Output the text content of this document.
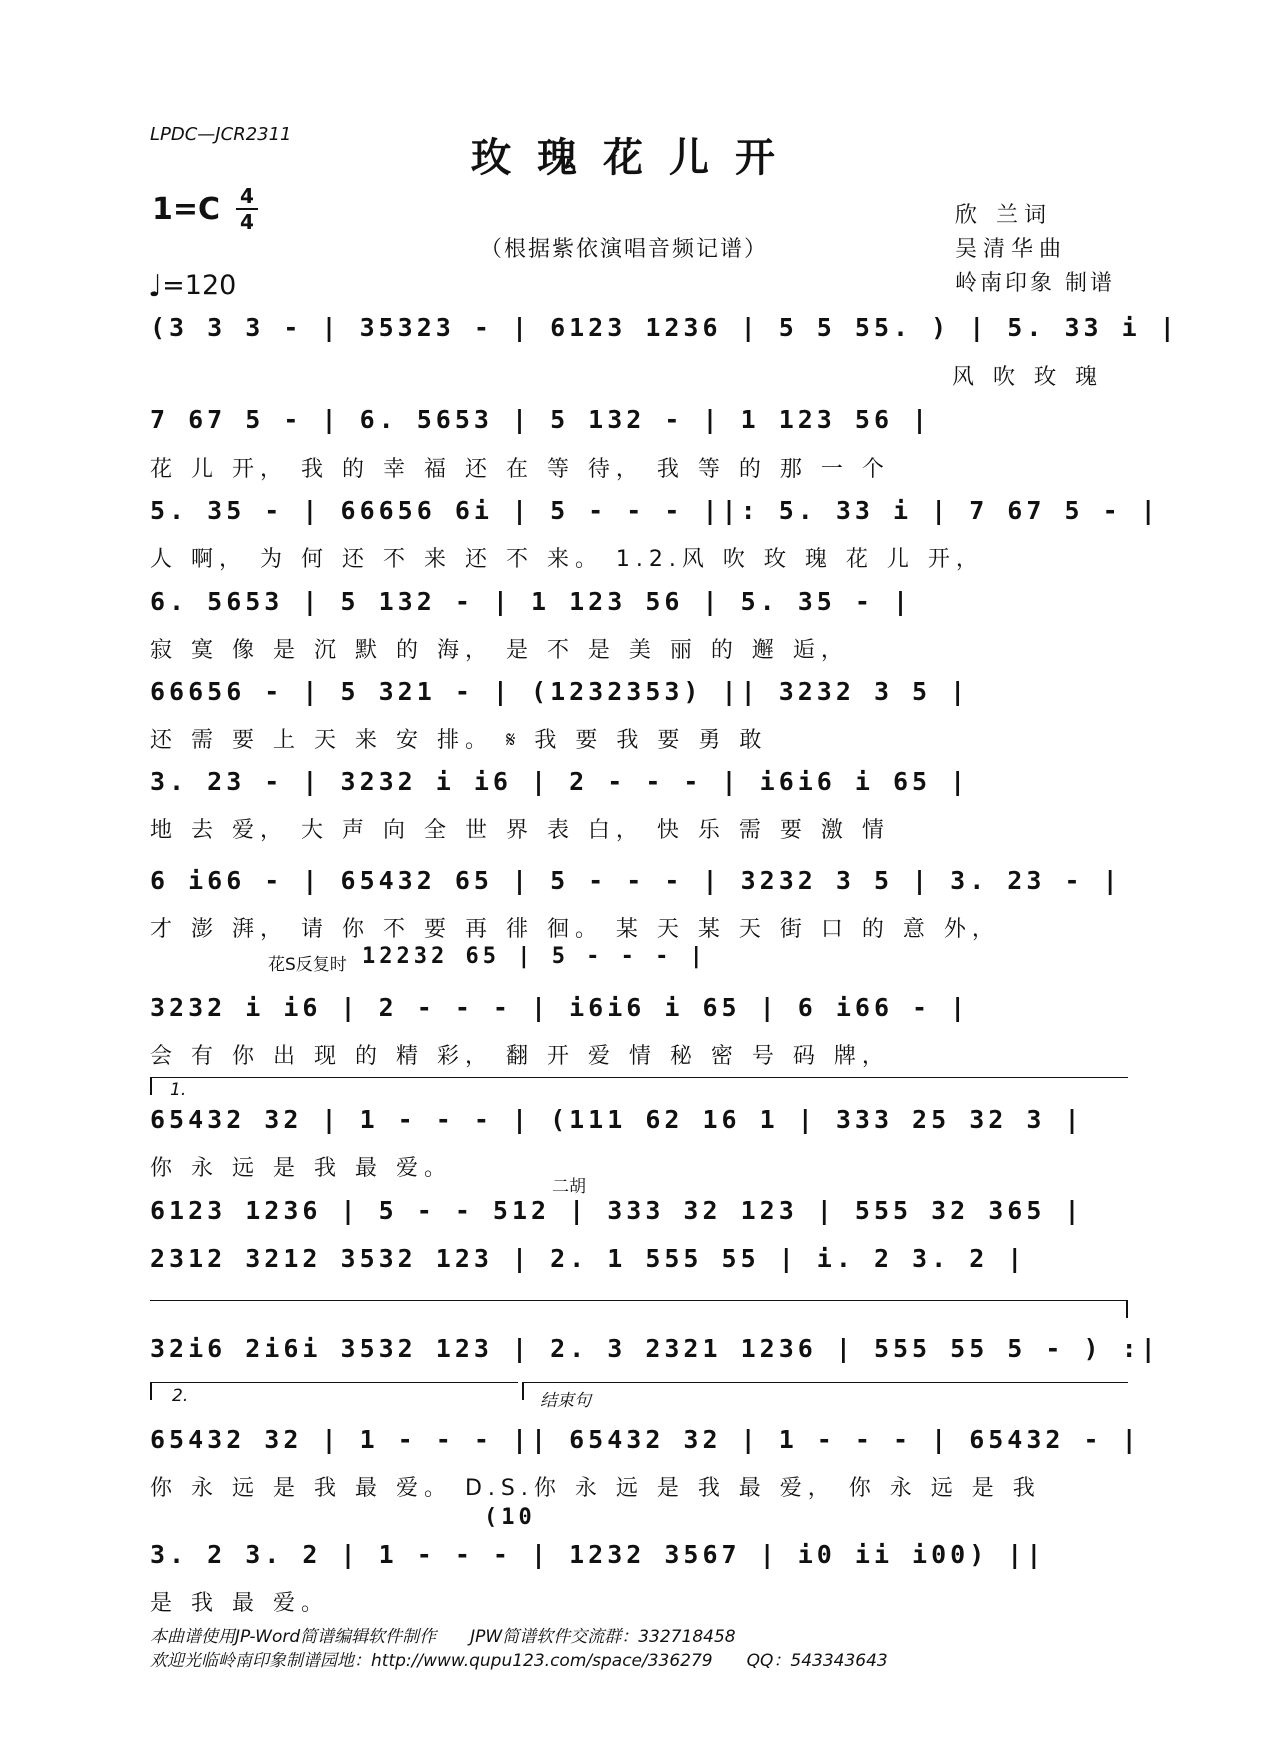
LPDC—JCR2311	玫瑰花儿开
1=C 4
4
♩=120
（根据紫依演唱音频记谱）
欣 兰词
吴清华曲
岭南印象 制谱
(3 3 3 - | 35323 - | 6123 1236 | 5 5 55. ) | 5. 33 i |
风 吹 玫 瑰
7 67 5 - | 6. 5653 | 5 132 - | 1 123 56 |
花 儿 开， 我 的 幸 福 还 在 等 待， 我 等 的 那 一 个
5. 35 - | 66656 6i | 5 - - - ||: 5. 33 i | 7 67 5 - |
人 啊， 为 何 还 不 来 还 不 来。 1.2.风 吹 玫 瑰 花 儿 开，
6. 5653 | 5 132 - | 1 123 56 | 5. 35 - |
寂 寞 像 是 沉 默 的 海， 是 不 是 美 丽 的 邂 逅，
66656 - | 5 321 - | (1232353) || 3232 3 5 |
还 需 要 上 天 来 安 排。 𝄋 我 要 我 要 勇 敢
3. 23 - | 3232 i i6 | 2 - - - | i6i6 i 65 |
地 去 爱， 大 声 向 全 世 界 表 白， 快 乐 需 要 激 情
6 i66 - | 65432 65 | 5 - - - | 3232 3 5 | 3. 23 - |
才 澎 湃， 请 你 不 要 再 徘 徊。 某 天 某 天 街 口 的 意 外，
花S反复时 12232 65 | 5 - - - |
3232 i i6 | 2 - - - | i6i6 i 65 | 6 i66 - |
会 有 你 出 现 的 精 彩， 翻 开 爱 情 秘 密 号 码 牌，
1.
65432 32 | 1 - - - | (111 62 16 1 | 333 25 32 3 |
你 永 远 是 我 最 爱。
二胡
6123 1236 | 5 - - 512 | 333 32 123 | 555 32 365 |
2312 3212 3532 123 | 2. 1 555 55 | i. 2 3. 2 |
32i6 2i6i 3532 123 | 2. 3 2321 1236 | 555 55 5 - ) :|
2.	结束句
65432 32 | 1 - - - || 65432 32 | 1 - - - | 65432 - |
你 永 远 是 我 最 爱。 D.S.你 永 远 是 我 最 爱， 你 永 远 是 我
(10
3. 2 3. 2 | 1 - - - | 1232 3567 | i0 ii i00) ||
是 我 最 爱。
本曲谱使用JP-Word简谱编辑软件制作　　JPW简谱软件交流群：332718458
欢迎光临岭南印象制谱园地：http://www.qupu123.com/space/336279　　QQ：543343643
